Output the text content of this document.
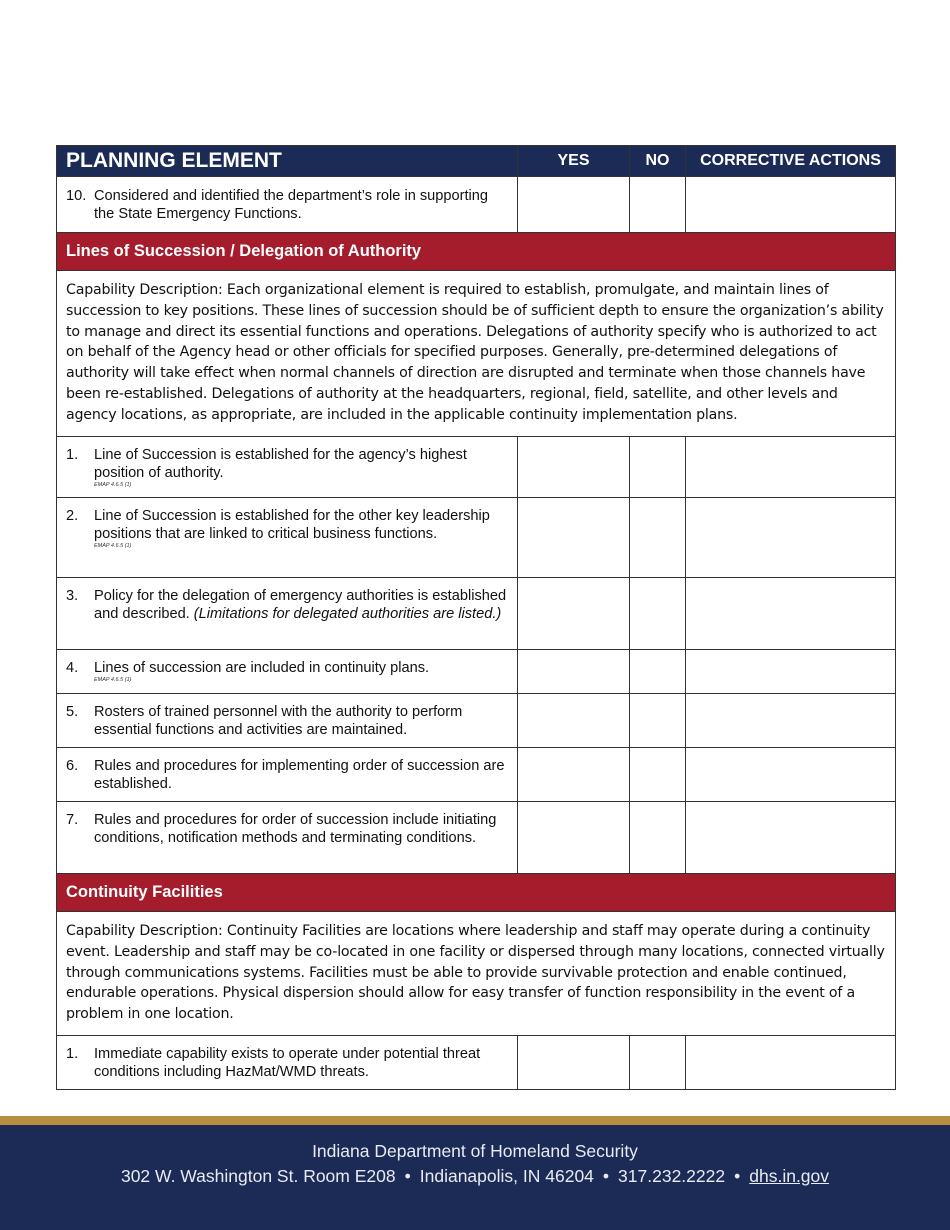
PLANNING ELEMENT	YES	NO	CORRECTIVE ACTIONS

10. Considered and identified the department’s role in supporting the State Emergency Functions.			

Lines of Succession / Delegation of Authority			
Capability Description: Each organizational element is required to establish, promulgate, and maintain lines of succession to key positions. These lines of succession should be of sufficient depth to ensure the organization’s ability to manage and direct its essential functions and operations. Delegations of authority specify who is authorized to act on behalf of the Agency head or other officials for specified purposes. Generally, pre-determined delegations of authority will take effect when normal channels of direction are disrupted and terminate when those channels have been re-established. Delegations of authority at the headquarters, regional, field, satellite, and other levels and agency locations, as appropriate, are included in the applicable continuity implementation plans.			

1. Line of Succession is established for the agency’s highest position of authority.
EMAP 4.6.5 (1)			

2. Line of Succession is established for the other key leadership positions that are linked to critical business functions.
EMAP 4.6.5 (1)			

3. Policy for the delegation of emergency authorities is established and described. (Limitations for delegated authorities are listed.)			

4. Lines of succession are included in continuity plans.
EMAP 4.6.5 (1)			

5. Rosters of trained personnel with the authority to perform essential functions and activities are maintained.			

6. Rules and procedures for implementing order of succession are established.			

7. Rules and procedures for order of succession include initiating conditions, notification methods and terminating conditions.			

Continuity Facilities			
Capability Description: Continuity Facilities are locations where leadership and staff may operate during a continuity event. Leadership and staff may be co-located in one facility or dispersed through many locations, connected virtually through communications systems. Facilities must be able to provide survivable protection and enable continued, endurable operations. Physical dispersion should allow for easy transfer of function responsibility in the event of a problem in one location.			

1. Immediate capability exists to operate under potential threat conditions including HazMat/WMD threats.			

Indiana Department of Homeland Security
302 W. Washington St. Room E208 • Indianapolis, IN 46204 • 317.232.2222 • dhs.in.gov
